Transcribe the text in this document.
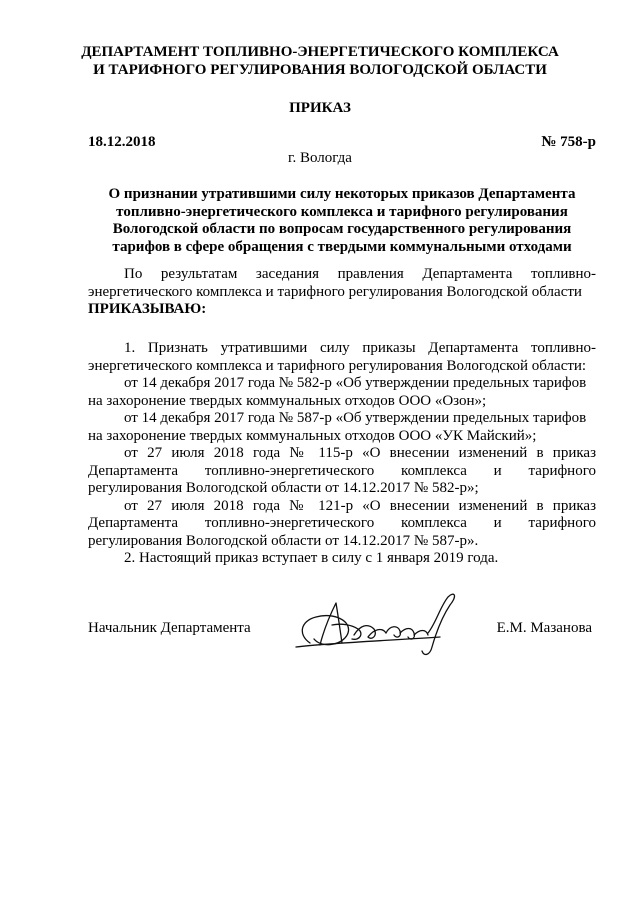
ДЕПАРТАМЕНТ ТОПЛИВНО-ЭНЕРГЕТИЧЕСКОГО КОМПЛЕКСА
И ТАРИФНОГО РЕГУЛИРОВАНИЯ ВОЛОГОДСКОЙ ОБЛАСТИ
ПРИКАЗ
18.12.2018	№ 758-р
г. Вологда
О признании утратившими силу некоторых приказов Департамента
топливно-энергетического комплекса и тарифного регулирования
Вологодской области по вопросам государственного регулирования
тарифов в сфере обращения с твердыми коммунальными отходами
По результатам заседания правления Департамента топливно-
энергетического комплекса и тарифного регулирования Вологодской области
ПРИКАЗЫВАЮ:
1. Признать утратившими силу приказы Департамента топливно-
энергетического комплекса и тарифного регулирования Вологодской области:
от 14 декабря 2017 года № 582-р «Об утверждении предельных тарифов
на захоронение твердых коммунальных отходов ООО «Озон»;
от 14 декабря 2017 года № 587-р «Об утверждении предельных тарифов
на захоронение твердых коммунальных отходов ООО «УК Майский»;
от 27 июля 2018 года № 115-р «О внесении изменений в приказ
Департамента топливно-энергетического комплекса и тарифного
регулирования Вологодской области от 14.12.2017 № 582-р»;
от 27 июля 2018 года № 121-р «О внесении изменений в приказ
Департамента топливно-энергетического комплекса и тарифного
регулирования Вологодской области от 14.12.2017 № 587-р».
2. Настоящий приказ вступает в силу с 1 января 2019 года.
Начальник Департамента	Е.М. Мазанова
